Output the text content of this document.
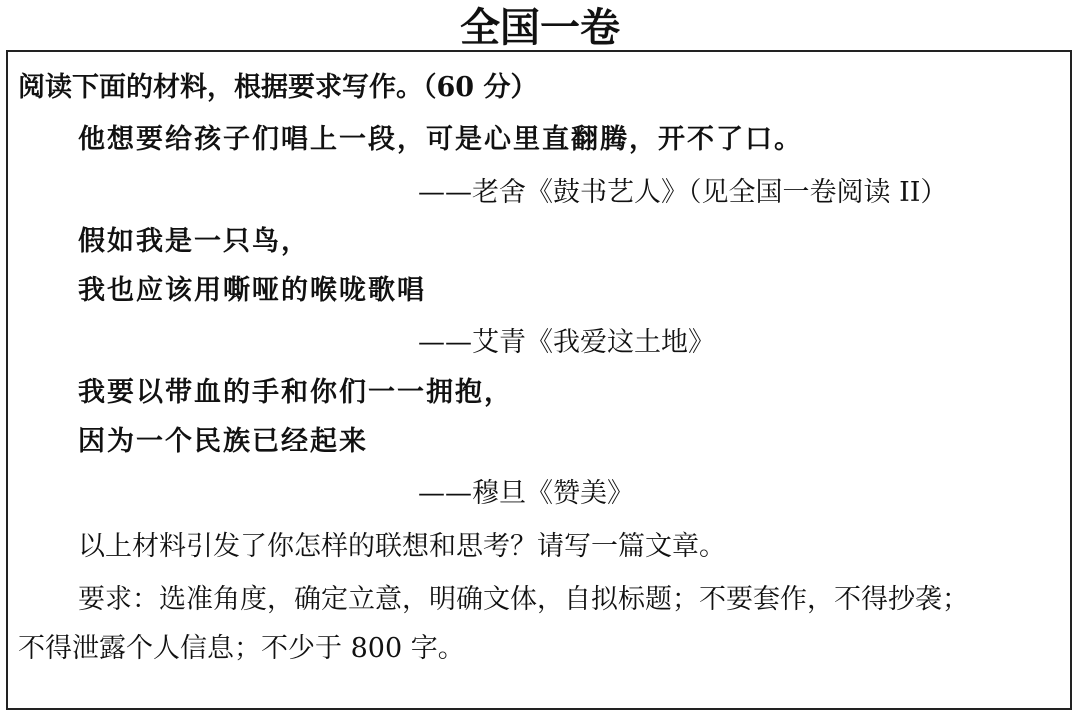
全国一卷
阅读下面的材料，根据要求写作。（60 分）
他想要给孩子们唱上一段，可是心里直翻腾，开不了口。
——老舍《鼓书艺人》（见全国一卷阅读 II）
假如我是一只鸟，
我也应该用嘶哑的喉咙歌唱
——艾青《我爱这土地》
我要以带血的手和你们一一拥抱，
因为一个民族已经起来
——穆旦《赞美》
以上材料引发了你怎样的联想和思考？请写一篇文章。
要求：选准角度，确定立意，明确文体，自拟标题；不要套作，不得抄袭；
不得泄露个人信息；不少于 800 字。
